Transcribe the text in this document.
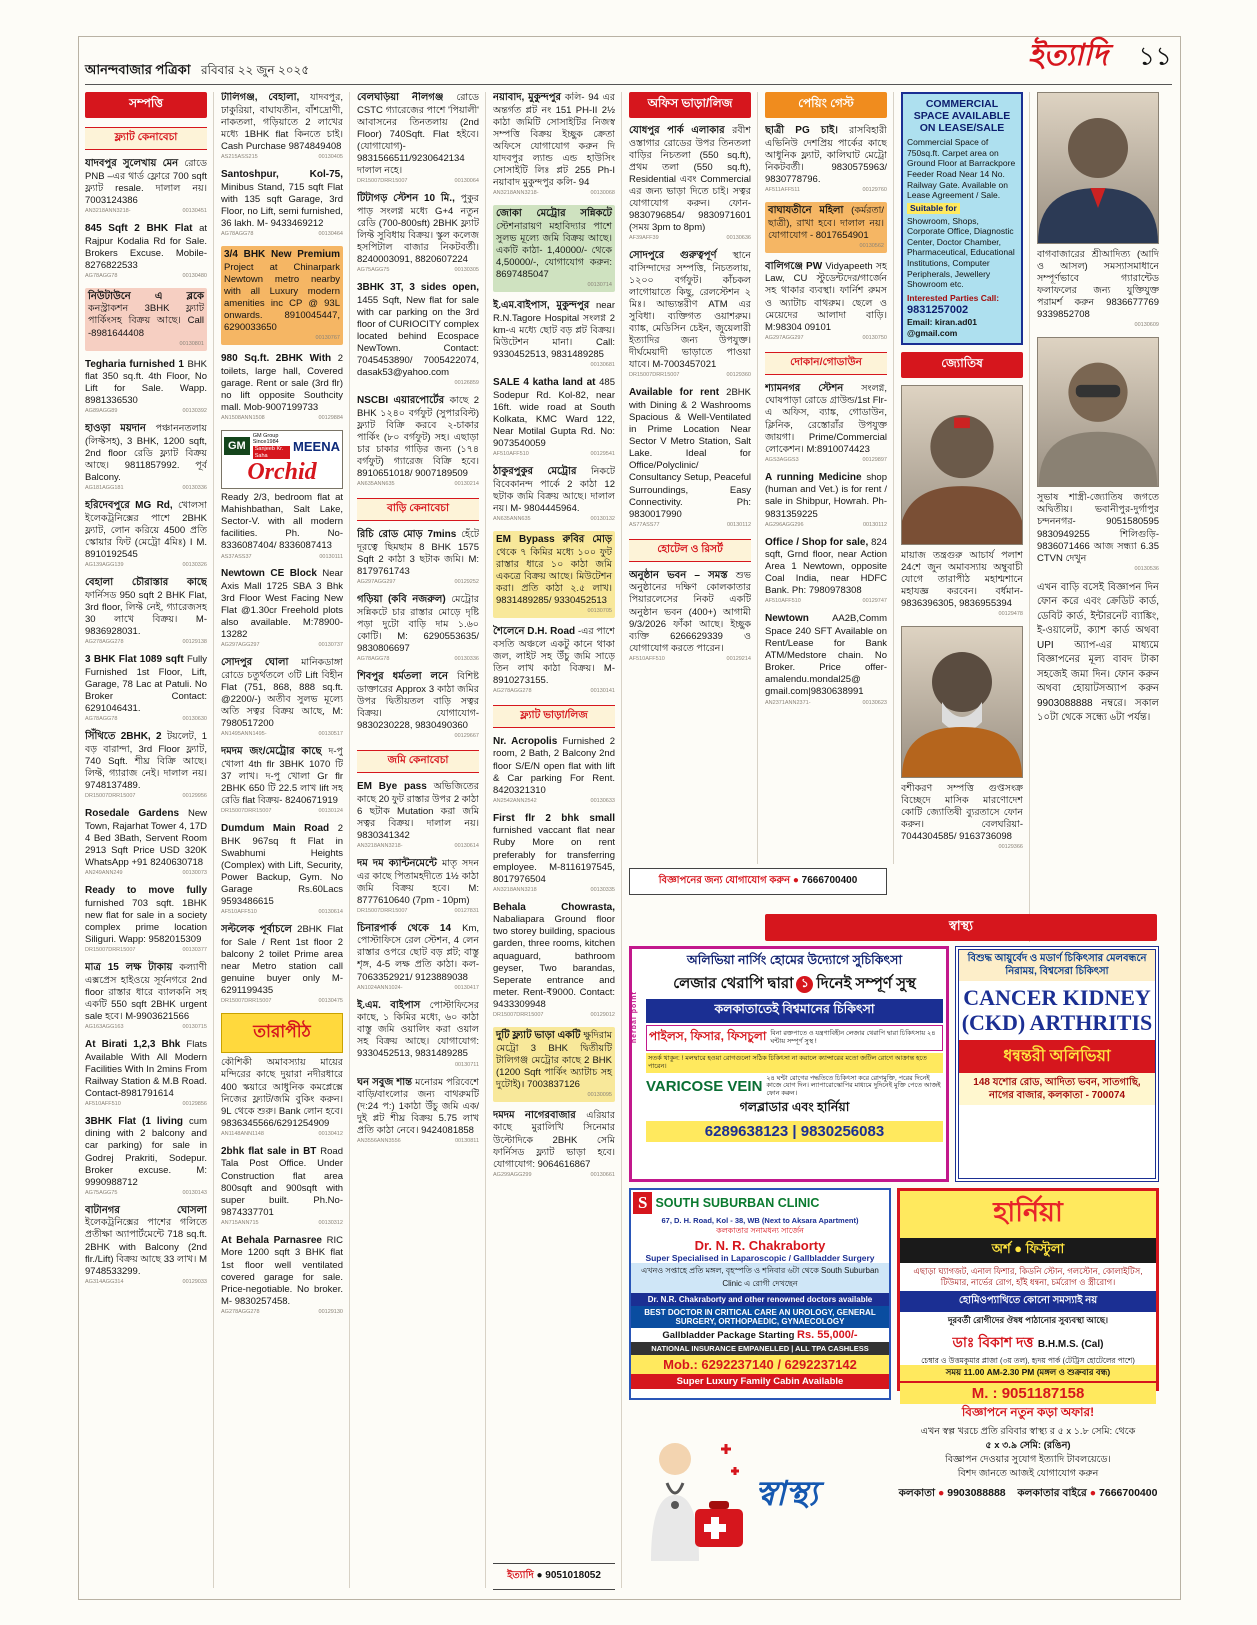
আনন্দবাজার পত্রিকা রবিবার ২২ জুন ২০২৫	ইত্যাদি ১১
সম্পত্তি
ফ্ল্যাট কেনাবেচা
যাদবপুর সুলেখায় মেন রোডে PNB –এর থার্ড ফ্লোরে 700 sqft ফ্ল্যাট resale. দালাল নয়। 7003124386
AN3218ANN3218-	00130451
845 Sqft 2 BHK Flat at Rajpur Kodalia Rd for Sale. Brokers Excuse. Mobile-8276822533
AG78AGG78	00130480
নিউটাউনে এ ব্লকে কনস্ট্রাকশন 3BHK ফ্ল্যাট পার্কিংসহ বিক্রয় আছে। Call -8981644408
00130801
Tegharia furnished 1 BHK flat 350 sq.ft. 4th Floor, No Lift for Sale. Wapp. 8981336530
AG89AGG89	00130392
হাওড়া ময়দান পঞ্চাননতলায় (লিফ্টসহ), 3 BHK, 1200 sqft, 2nd floor রেডি ফ্ল্যাট বিক্রয় আছে। 9811857992. পূর্ব Balcony.
AG181AGG181	00130336
হরিদেবপুরে MG Rd, খোলসা ইলেকট্রনিক্সের পাশে 2BHK ফ্ল্যাট, লোন করিয়ে 4500 প্রতি স্কোয়ার ফিট (মেট্রো 4মিঃ) I M. 8910192545
AG139AGG139	00130326
বেহালা চৌরাস্তার কাছে ফার্নিসড 950 sqft 2 BHK Flat, 3rd floor, লিফ্ট নেই, গ্যারেজসহ 30 লাখে বিক্রয়। M- 9836928031.
AG278AGG278	00129138
3 BHK Flat 1089 sqft Fully Furnished 1st Floor, Lift, Garage, 78 Lac at Patuli. No Broker Contact: 6291046431.
AG78AGG78	00130630
সিঁথিতে 2BHK, 2 টয়লেট, 1 বড় বারান্দা, 3rd Floor ফ্ল্যাট, 740 Sqft. শীঘ্র বিক্রি আছে। লিফ্ট, গ্যারাজ নেই। দালাল নয়। 9748137489.
DR15007DRR15007	00129956
Rosedale Gardens New Town, Rajarhat Tower 4, 17D 4 Bed 3Bath, Servent Room 2913 Sqft Price USD 320K WhatsApp +91 8240630718
AN249ANN249	00130073
Ready to move fully furnished 703 sqft. 1BHK new flat for sale in a society complex prime location Siliguri. Wapp: 9582015309
DR15007DRR15007	00130377
মাত্র 15 লক্ষ টাকায় কল্যাণী এক্সপ্রেস হাইওয়ে সূর্যনগরে 2nd floor রাস্তার ধারে ব্যালকনি সহ একটি 550 sqft 2BHK urgent sale হবে। M-9903621566
AG163AGG163	00130715
At Birati 1,2,3 Bhk Flats Available With All Modern Facilities With In 2mins From Railway Station & M.B Road. Contact-8981791614
AF510AFF510	00129856
3BHK Flat (1 living cum dining with 2 balcony and car parking) for sale in Godrej Prakriti, Sodepur. Broker excuse. M: 9990988712
AG75AGG75	00130143
বাটানগর ঘোসলা ইলেকট্রনিক্সের পাশের গলিতে প্রতীক্ষা অ্যাপার্টমেন্টে 718 sq.ft. 2BHK with Balcony (2nd flr./Lift) বিক্রয় আছে 33 লাখ। M 9748533299.
AG314AGG314	00129033
টালিগঞ্জ, বেহালা, যাদবপুর, ঢাকুরিয়া, বাঘাযতীন, বাঁশদ্রোণী, নাকতলা, গড়িয়াতে 2 লাখের মধ্যে 1BHK flat কিনতে চাই। Cash Purchase 9874849408
AS215ASS215	00130405
Santoshpur, Kol-75, Minibus Stand, 715 sqft Flat with 135 sqft Garage, 3rd Floor, no Lift, semi furnished, 36 lakh. M- 9433469212
AG78AGG78	00130464
3/4 BHK New Premium Project at Chinarpark Newtown metro nearby with all Luxury modern amenities inc CP @ 93L onwards. 8910045447, 6290033650
00130767
980 Sq.ft. 2BHK With 2 toilets, large hall, Covered garage. Rent or sale (3rd flr) no lift opposite Southcity mall. Mob-9007199733
AN1508ANN1508	00129884
GM
GM Group Since1984
Sanjeeb Kr. Saha
MEENA
Orchid
Ready 2/3, bedroom flat at Mahishbathan, Salt Lake, Sector-V. with all modern facilities. Ph. No- 8336087404/ 8336087413
AS37ASS37	00130111
Newtown CE Block Near Axis Mall 1725 SBA 3 Bhk 3rd Floor West Facing New Flat @1.30cr Freehold plots also available. M:78900-13282
AG297AGG297	00130737
সোদপুর ঘোলা মানিকডাঙ্গা রোডে চতুর্থতলে ৩টি Lift বিহীন Flat (751, 868, 888 sq.ft. @2200/-) অতীব সুলভ মূল্যে অতি সত্বর বিক্রয় আছে, M: 7980517200
AN1495ANN1495-	00130517
দমদম জং/মেট্রোর কাছে দ-পু খোলা 4th flr 3BHK 1070 টি 37 লাখ। দ-পু খোলা Gr flr 2BHK 650 টি 22.5 লাখ lift সহ রেডি flat বিক্রয়- 8240671919
DR15007DRR15007	00130124
Dumdum Main Road 2 BHK 967sq ft Flat in Swabhumi Heights (Complex) with Lift, Security, Power Backup, Gym. No Garage Rs.60Lacs 9593486615
AF510AFF510	00130614
সল্টলেক পূর্বাচলে 2BHK Flat for Sale / Rent 1st floor 2 balcony 2 toilet Prime area near Metro station call genuine buyer only M-6291199435
DR15007DRR15007	00130475
তারাপীঠ
কৌশিকী অমাবস্যায় মায়ের মন্দিরের কাছে দুয়ারা নদীরধারে 400 স্কয়ারে আধুনিক কমপ্লেক্সে নিজের ফ্ল্যাট/জমি বুকিং করুন। 9L থেকে শুরু। Bank লোন হবে। 9836345566/6291254909
AN1148ANN1148	00130412
2bhk flat sale in BT Road Tala Post Office. Under Construction flat area 800sqft and 900sqft with super built. Ph.No- 9874337701
AN715ANN715	00130312
At Behala Parnasree RIC More 1200 sqft 3 BHK flat 1st floor well ventilated covered garage for sale. Price-negotiable. No broker. M- 9830257458.
AG278AGG278	00129130
বেলঘড়িয়া নীলগঞ্জ রোডে CSTC গ্যারেজের পাশে 'পিয়ালী' আবাসনের তিনতলায় (2nd Floor) 740Sqft. Flat হইবে। (যোগাযোগ)- 9831566511/9230642134 দালাল নহে।
DR15007DRR15007	00130064
টিটাগড় স্টেশন 10 মি., পুকুর পাড় সংলগ্ন মধ্যে G+4 নতুন রেডি (700-800sft) 2BHK ফ্ল্যাট লিফ্ট সুবিধায় বিক্রয়। স্কুল কলেজ হসপিটাল বাজার নিকটবর্তী। 8240003091, 8820607224
AG75AGG75	00130305
3BHK 3T, 3 sides open, 1455 Sqft, New flat for sale with car parking on the 3rd floor of CURIOCITY complex located behind Ecospace NewTown. Contact: 7045453890/ 7005422074, dasak53@yahoo.com
00126859
NSCBI এয়ারপোর্টের কাছে 2 BHK ১২৪০ বর্গফুট (সুপারবিল্ট) ফ্ল্যাট বিক্রি করবে ২-চাকার পার্কিং (৮০ বর্গফুট) সহ। এছাড়া চার চাকার গাড়ির জন্য (১৭৪ বর্গফুট) গ্যারেজ বিক্রি হবে। 8910651018/ 9007189509
AN635ANN635	00130214
বাড়ি কেনাবেচা
রিচি রোড মোড় 7mins হেঁটে দূরত্বে ছিমছাম 8 BHK 1575 Sqft 2 কাঠা 3 ছটাক জমি। M: 8179761743
AG297AGG297	00129252
গড়িয়া (কবি নজরুল) মেট্রোর সন্নিকটে চার রাস্তার মোড়ে দৃষ্টি পড়া দুটো বাড়ি দাম ১.৬০ কোটি। M: 6290553635/ 9830806697
AG78AGG78	00130336
শিবপুর ধর্মতলা লনে বিশিষ্ট ডাক্তারের Approx 3 কাঠা জমির উপর দ্বিতীয়তল বাড়ি সত্বর বিক্রয়। যোগাযোগ- 9830230228, 9830490360
00129667
জমি কেনাবেচা
EM Bye pass অভিজিতের কাছে 20 ফুট রাস্তার উপর 2 কাঠা 6 ছটাক Mutation করা জমি সত্বর বিক্রয়। দালাল নয়। 9830341342
AN3218ANN3218-	00130614
দম দম ক্যান্টনমেন্টে মাতৃ সদন এর কাছে পিতামহদীতে 1½ কাঠা জমি বিক্রয় হবে। M: 8777610640 (7pm - 10pm)
DR15007DRR15007	00127831
চিনারপার্ক থেকে 14 Km, পোস্টাফিসে রেল স্টেশন, 4 লেন রাস্তার ওপরে ছোট বড় প্লট; বাস্তু শৃঙ্গ, 4-5 লক্ষ প্রতি কাঠা। কল- 7063352921/ 9123889038
AN1024ANN1024-	00130417
ই.এম. বাইপাস পোস্টাফিসের কাছে, ১ কিমির মধ্যে, ৬০ কাঠা বাস্তু জমি ওয়ালিং করা ওয়াল সহ বিক্রয় আছে। যোগাযোগ: 9330452513, 9831489285
00130711
ঘন সবুজ শান্ত মনোরম পরিবেশে বাড়ি/বাংলোর জন্য বাথরুমটি (দ:24 প:) 1কাঠা উঁচু জমি এক/দুই প্লট শীঘ্র বিক্রয় 5.75 লাখ প্রতি কাঠা নেবে। 9424081858
AN3556ANN3556	00130811
নয়াবাদ, মুকুন্দপুর কলি- 94 এর অন্তর্গত প্লট নং 151 PH-II 2½ কাঠা জমিটি সোসাইটির নিজস্ব সম্পত্তি বিক্রয় ইচ্ছুক ক্রেতা অফিসে যোগাযোগ করুন দি যাদবপুর ল্যান্ড এন্ড হাউসিং সোসাইটি লিঃ প্লট 255 Ph-I নয়াবাদ মুকুন্দপুর কলি- 94
AN3218ANN3218-	00130068
জোকা মেট্রোর সন্নিকটে স্টেশনারায়ণ মহাবিদ্যার পাশে সুলভ মূল্যে জমি বিক্রয় আছে। একটি কাঠা- 1,40000/- থেকে 4,50000/-, যোগাযোগ করুন: 8697485047
00130714
ই.এম.বাইপাস, মুকুন্দপুর near R.N.Tagore Hospital সংলগ্ন 2 km-এ মধ্যে ছোট বড় প্লট বিক্রয়। মিউটেশন মানা। Call: 9330452513, 9831489285
00130681
SALE 4 katha land at 485 Sodepur Rd. Kol-82, near 16ft. wide road at South Kolkata, KMC Ward 122, Near Motilal Gupta Rd. No: 9073540059
AF510AFF510	00129541
ঠাকুরপুকুর মেট্রোর নিকটে বিবেকানন্দ পার্কে 2 কাঠা 12 ছটাক জমি বিক্রয় আছে। দালাল নয়। M- 9804445964.
AN635ANN635	00130132
EM Bypass রুবির মোড় থেকে ৭ কিমির মধ্যে ১০০ ফুট রাস্তার ধারে ১০ কাঠা জমি একত্রে বিক্রয় আছে। মিউটেশন করা। প্রতি কাঠা ২.৫ লাখ। 9831489285/ 9330452513
00130705
শৈলেনে D.H. Road -এর পাশে বসতি অঞ্চলে একটু কানে থাকা জল, লাইট সহ উঁচু জমি সাড়ে তিন লাখ কাঠা বিক্রয়। M- 8910273155.
AG278AGG278	00130141
ফ্ল্যাট ভাড়া/লিজ
Nr. Acropolis Furnished 2 room, 2 Bath, 2 Balcony 2nd floor S/E/N open flat with lift & Car parking For Rent. 8420321310
AN2542ANN2542	00130633
First flr 2 bhk small furnished vaccant flat near Ruby More on rent preferably for transferring employee. M-8116197545, 8017976504
AN3218ANN3218	00130335
Behala Chowrasta, Nabaliapara Ground floor two storey building, spacious garden, three rooms, kitchen aquaguard, bathroom geyser, Two barandas, Seperate entrance and meter. Rent-₹9000. Contact: 9433309948
DR15007DRR15007	00129012
দুটি ফ্ল্যাট ভাড়া একটি ক্ষুদিরাম মেট্রো 3 BHK দ্বিতীয়টি টালিগঞ্জ মেট্রোর কাছে 2 BHK (1200 Sqft পার্কিং অ্যাটাচ সহ দুটোই)। 7003837126
00130095
দমদম নাগেরবাজার এরিয়ার কাছে মুরালিখি সিনেমার উল্টোদিকে 2BHK সেমি ফার্নিসড ফ্ল্যাট ভাড়া হবে। যোগাযোগ: 9064616867
AG299AGG299	00130661
ইত্যাদি ● 9051018052
অফিস ভাড়া/লিজ
যোধপুর পার্ক এলাকার রবীশ ওস্তাগার রোডের উপর তিনতলা বাড়ির নিচতলা (550 sq.ft), প্রথম তলা (550 sq.ft), Residential এবং Commercial এর জন্য ভাড়া দিতে চাই। সত্বর যোগাযোগ করুন। ফোন- 9830796854/ 9830971601 (সময় 3pm to 8pm)
AF39AFF39	00130636
সোদপুরে গুরুত্বপূর্ণ স্থানে বাসিন্দাদের সম্পত্তি, নিচতলায়, ১২০০ বর্গফুট। কাঁচকল লাগোয়াতে কিছু, রেলস্টেশন ২ মিঃ। আভ্যন্তরীণ ATM এর সুবিধা। ব্যক্তিগত ওয়াশরুম। ব্যাঙ্ক, মেডিসিন চেইন, জুয়েলারী ইত্যাদির জন্য উপযুক্ত। দীর্ঘমেয়াদী ভাড়াতে পাওয়া যাবে। M-7003457021
DR15007DRR15007	00129360
Available for rent 2BHK with Dining & 2 Washrooms Spacious & Well-Ventilated in Prime Location Near Sector V Metro Station, Salt Lake. Ideal for Office/Polyclinic/ Consultancy Setup, Peaceful Surroundings, Easy Connectivity. Ph: 9830017990
AS77ASS77	00130112
হোটেল ও রিসর্ট
অনুষ্ঠান ভবন – সমস্ত শুভ অনুষ্ঠানের দক্ষিণ কোলকাতার পিয়ারলেসের নিকট একটি অনুষ্ঠান ভবন (400+) আগামী 9/3/2026 ফাঁকা আছে। ইচ্ছুক ব্যক্তি 6266629339 ও যোগাযোগ করতে পারেন।
AF510AFF510	00129214
পেয়িং গেস্ট
ছাত্রী PG চাই। রাসবিহারী এভিনিউ দেশপ্রিয় পার্কের কাছে আধুনিক ফ্ল্যাট, কালিঘাট মেট্রো নিকটবর্তী। 9830575963/ 9830778796.
AF511AFF511	00129760
বাঘাযতীনে মহিলা (কর্মরতা/ছাত্রী), রাখা হবে। দালাল নয়। যোগাযোগ - 8017654901
00130562
বালিগঞ্জে PW Vidyapeeth সহ Law, CU স্টুডেন্টদের/গার্জেন সহ থাকার ব্যবস্থা। ফার্নিশ রুমস ও অ্যাটাচ বাথরুম। ছেলে ও মেয়েদের আলাদা বাড়ি। M:98304 09101
AG297AGG297	00130750
দোকান/গোডাউন
শ্যামনগর স্টেশন সংলগ্ন, ঘোষপাড়া রোডে গ্রাউন্ড/1st Flr-এ অফিস, ব্যাঙ্ক, গোডাউন, ক্লিনিক, রেস্তোরাঁর উপযুক্ত জায়গা। Prime/Commercial লোকেশন। M:8910074423
AGS3AGGS3	00129897
A running Medicine shop (human and Vet.) is for rent / sale in Shibpur, Howrah. Ph- 9831359225
AG296AGG296	00130112
Office / Shop for sale, 824 sqft, Grnd floor, near Action Area 1 Newtown, opposite Coal India, near HDFC Bank. Ph: 7980978308
AF510AFF510	00129747
Newtown AA2B,Comm Space 240 SFT Available on Rent/Lease for Bank ATM/Medstore chain. No Broker. Price offer- amalendu.mondal25@ gmail.com|9830638991
AN2371ANN2371-	00130623
COMMERCIAL SPACE AVAILABLE ON LEASE/SALE
Commercial Space of 750sq.ft. Carpet area on Ground Floor at Barrackpore Feeder Road Near 14 No. Railway Gate. Available on Lease Agreement / Sale.
Suitable for
Showroom, Shops, Corporate Office, Diagnostic Center, Doctor Chamber, Pharmaceutical, Educational Institutions, Computer Peripherals, Jewellery Showroom etc.
Interested Parties Call:
9831257002
Email: kiran.ad01 @gmail.com
জ্যোতিষ
মায়াজ তন্ত্রগুরু আচার্য পলাশ 24শে জুন অমাবস্যায় অম্বুবাচী যোগে তারাপীঠ মহাশ্মশানে মহাযজ্ঞ করবেন। বর্ধমান- 9836396305, 9836955394
00129478
বশীকরণ সম্পত্তি গুপ্তসংক্র বিচ্ছেদে মাসিক মারণোদেশ কোটি জ্যোতিষী ব্যুরতাসে ফোন করুন। বেলঘরিয়া- 7044304585/ 9163736098
00129366
বাগবাজারের শ্রীআদিত্য (আদি ও আসল) সমস্যাসমাধানে সম্পূর্ণভাবে গ্যারান্টেড ফলাফলের জন্য যুক্তিযুক্ত পরামর্শ করুন 9836677769 9339852708
00130609
সুভাষ শাস্ত্রী-জ্যোতিষ জগতে অদ্বিতীয়। ভবানীপুর-দুর্গাপুর চন্দননগর- 9051580595 9830949255 শিলিগুড়ি- 9836071466 আজ সন্ধ্যা 6.35 CTVN দেখুন
00130536
এখন বাড়ি বসেই বিজ্ঞাপন দিন ফোন করে এবং ক্রেডিট কার্ড, ডেবিট কার্ড, ইন্টারনেট ব্যাঙ্কিং, ই-ওয়ালেট, ক্যাশ কার্ড অথবা UPI অ্যাপ-এর মাধ্যমে বিজ্ঞাপনের মূল্য বাবদ টাকা সহজেই জমা দিন। ফোন করুন অথবা হোয়াটসঅ্যাপ করুন 9903088888 নম্বরে। সকাল ১০টা থেকে সন্ধ্যে ৬টা পর্যন্ত।
বিজ্ঞাপনের জন্য যোগাযোগ করুন ● 7666700400
স্বাস্থ্য
herbal point
অলিভিয়া নার্সিং হোমের উদ্যোগে সুচিকিৎসা
লেজার থেরাপি দ্বারা ১ দিনেই সম্পূর্ণ সুস্থ
কলকাতাতেই বিশ্বমানের চিকিৎসা
পাইলস, ফিসার, ফিসচুলা বিনা রক্তপাতে ও যন্ত্রণাবিহীন লেজার থেরাপি দ্বারা চিকিৎসায় ২৪ ঘন্টায় সম্পূর্ণ সুস্থ !
সতর্ক থাকুন: ! মলদ্বারে হওয়া রোগগুলো সঠিক চিকিৎসা না করালে ক্যান্সারের মতো জটিল রোগে আক্রান্ত হতে পারেন।
VARICOSE VEIN ২৪ ঘন্টা রোগের পদ্ধতিতে চিকিৎসা করে রোগমুক্তি, পরের দিনেই কাজে যোগ দিন। ল্যাপারোস্কোপির মাধ্যমে দুদিনেই মুক্তি পেতে আজই ফোন করুন।
গলব্লাডার এবং হার্নিয়া
6289638123 | 9830256083
বিশুদ্ধ আয়ুর্বেদ ও মডার্ণ চিকিৎসার মেলবন্ধনে নিরাময়, বিশ্বসেরা চিকিৎসা
CANCER KIDNEY (CKD) ARTHRITIS
ধন্বন্তরী অলিভিয়া
148 যশোর রোড, আদিত্য ভবন, সাতগাছি, নাগের বাজার, কলকাতা - 700074
S SOUTH SUBURBAN CLINIC
67, D. H. Road, Kol - 38, WB (Next to Aksara Apartment)
কলকাতার সনামধন্য সার্জেন
Dr. N. R. Chakraborty
Super Specialised in Laparoscopic / Gallbladder Surgery
এখনও সপ্তাহে প্রতি মঙ্গল, বৃহস্পতি ও শনিবার ৬টা থেকে South Suburban Clinic এ রোগী দেখছেন
Dr. N.R. Chakraborty and other renowned doctors available
BEST DOCTOR IN CRITICAL CARE AN UROLOGY, GENERAL SURGERY, ORTHOPAEDIC, GYNAECOLOGY
Gallbladder Package Starting Rs. 55,000/-
NATIONAL INSURANCE EMPANELLED | ALL TPA CASHLESS
Mob.: 6292237140 / 6292237142
Super Luxury Family Cabin Available
হার্নিয়া
অর্শ ● ফিস্টুলা
এছাড়া ঘ্যাগজট, এনাল ফিশার, কিডনি স্টোন, গলস্টোন, কোলাইটিস, টিউমার, নার্ভের রোগ, হাঁই ধন্বনা, চর্মরোগ ও স্ত্রীরোগ।
হোমিওপ্যাথিতে কোনো সমস্যাই নয়
দূরবর্তী রোগীদের ঔষধ পাঠানোর সুব্যবস্থা আছে।
ডাঃ বিকাশ দত্ত B.H.M.S. (Cal)
চেম্বার ও উত্তমকুমার প্লাজা (৩য় তল), হৃদয় পার্ক (টেট্রিস হোটেলের পাশে)
সময় 11.00 AM-2.30 PM (মঙ্গল ও শুক্রবার বন্ধ)
M. : 9051187158
স্বাস্থ্য
বিজ্ঞাপনে নতুন কড়া অফার!
এখন স্বল্প খরচে প্রতি রবিবার স্বাস্থ্য র ৫ x ১.৮ সেমি: থেকে
৫ x ৩.৯ সেমি: (রঙিন)
বিজ্ঞাপন দেওয়ার সুযোগ ইত্যাদি টাবলয়েডে।
বিশদ জানতে আজই যোগাযোগ করুন
কলকাতা ● 9903088888 কলকাতার বাইরে ● 7666700400
